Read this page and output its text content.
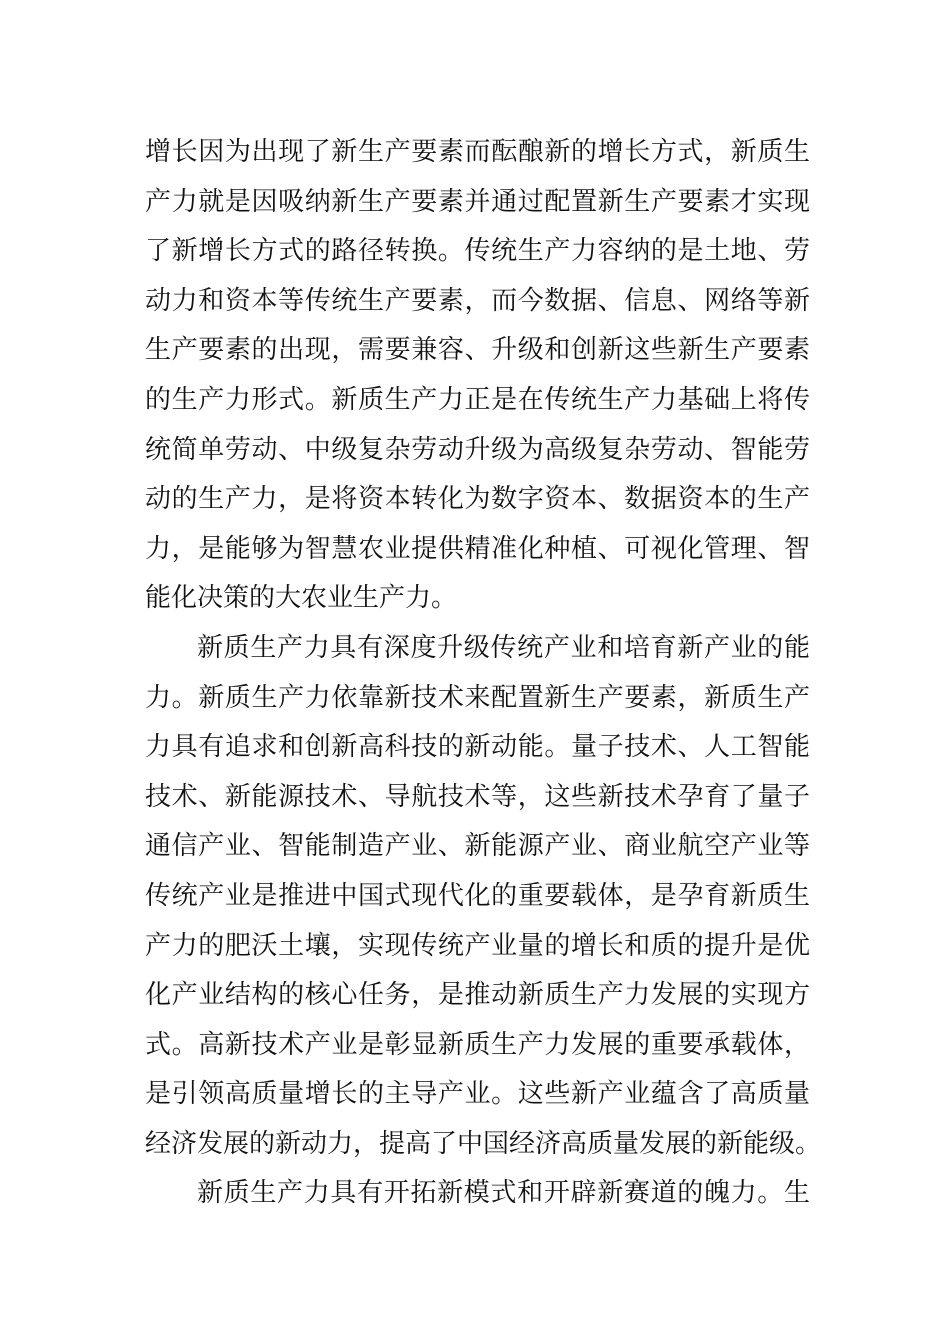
增长因为出现了新生产要素而酝酿新的增长方式，新质生
产力就是因吸纳新生产要素并通过配置新生产要素才实现
了新增长方式的路径转换。传统生产力容纳的是土地、劳
动力和资本等传统生产要素，而今数据、信息、网络等新
生产要素的出现，需要兼容、升级和创新这些新生产要素
的生产力形式。新质生产力正是在传统生产力基础上将传
统简单劳动、中级复杂劳动升级为高级复杂劳动、智能劳
动的生产力，是将资本转化为数字资本、数据资本的生产
力，是能够为智慧农业提供精准化种植、可视化管理、智
能化决策的大农业生产力。
新质生产力具有深度升级传统产业和培育新产业的能
力。新质生产力依靠新技术来配置新生产要素，新质生产
力具有追求和创新高科技的新动能。量子技术、人工智能
技术、新能源技术、导航技术等，这些新技术孕育了量子
通信产业、智能制造产业、新能源产业、商业航空产业等
传统产业是推进中国式现代化的重要载体，是孕育新质生
产力的肥沃土壤，实现传统产业量的增长和质的提升是优
化产业结构的核心任务，是推动新质生产力发展的实现方
式。高新技术产业是彰显新质生产力发展的重要承载体，
是引领高质量增长的主导产业。这些新产业蕴含了高质量
经济发展的新动力，提高了中国经济高质量发展的新能级。
新质生产力具有开拓新模式和开辟新赛道的魄力。生
